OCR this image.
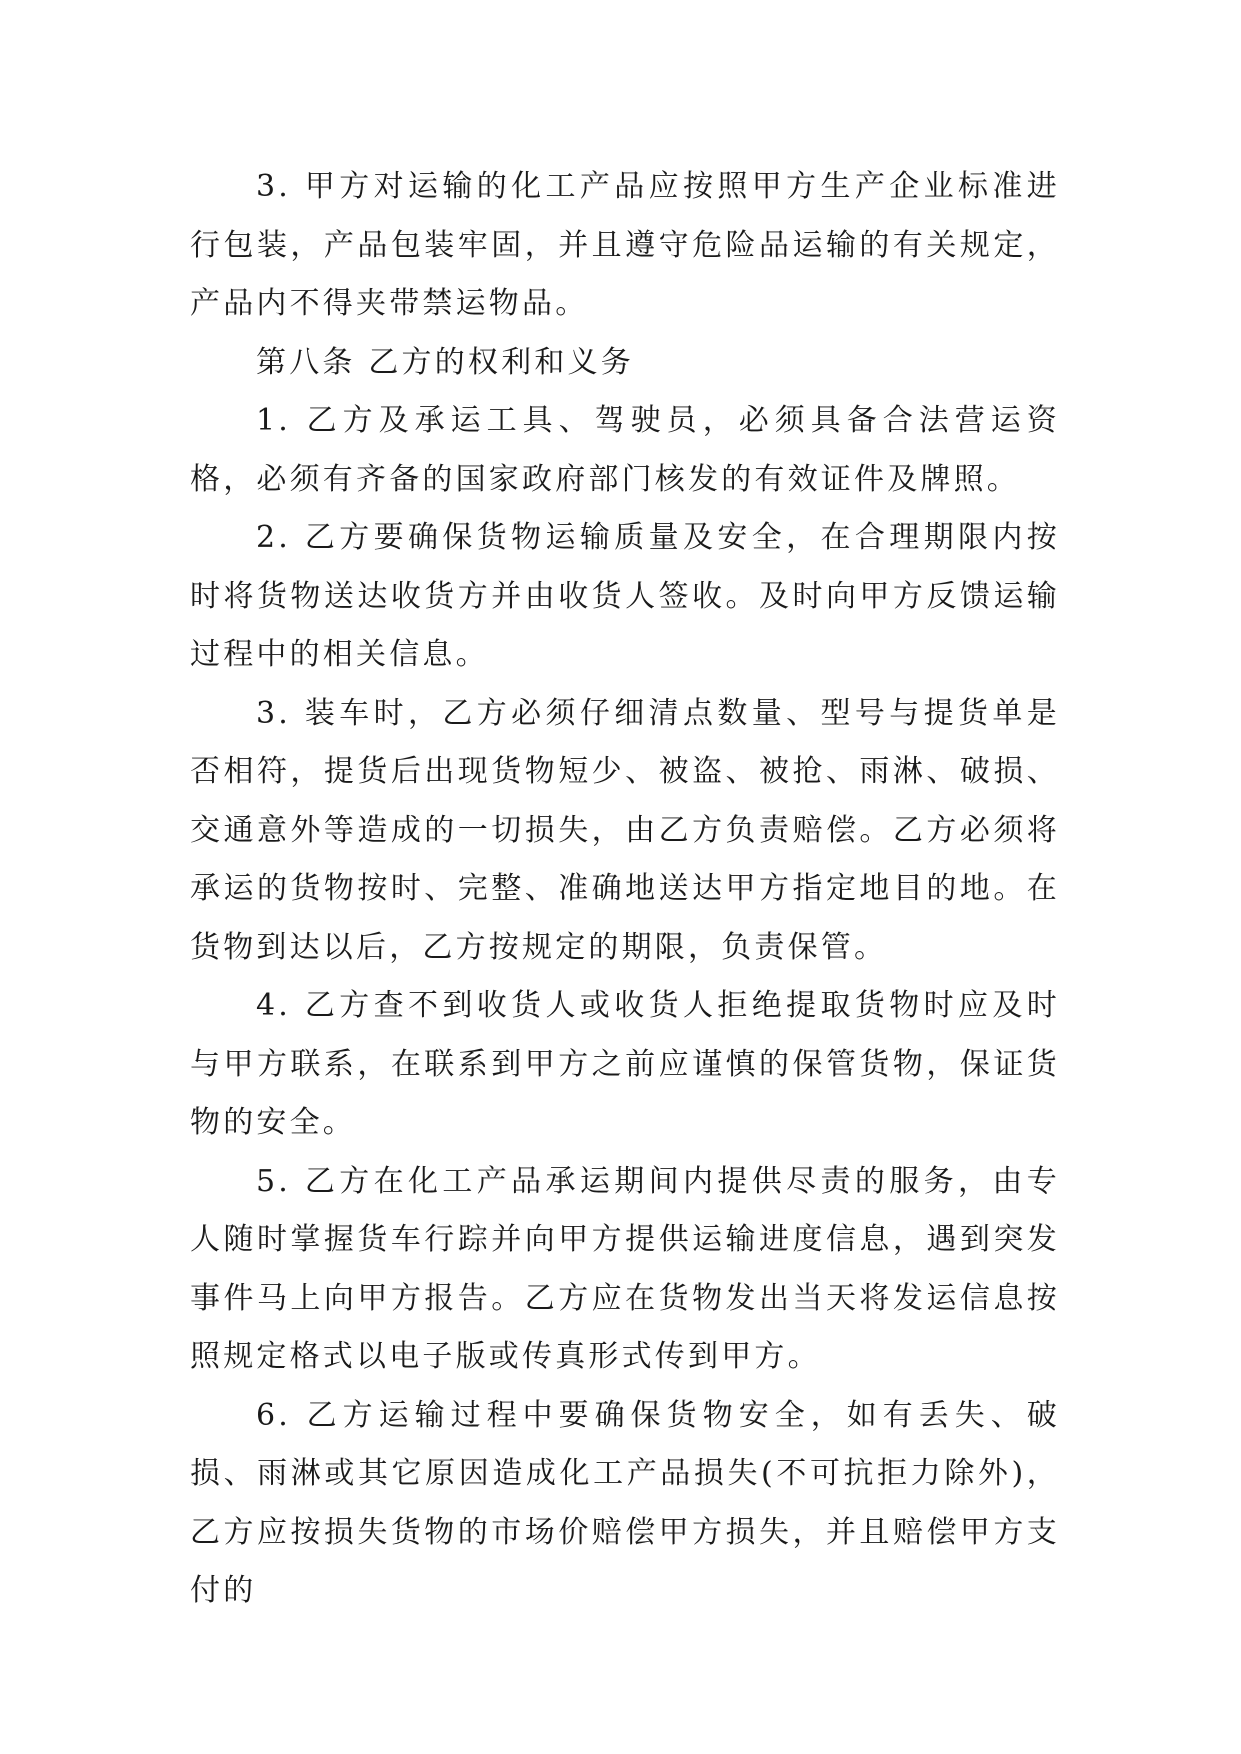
3. 甲方对运输的化工产品应按照甲方生产企业标准进行包装，产品包装牢固，并且遵守危险品运输的有关规定，产品内不得夹带禁运物品。

第八条 乙方的权利和义务

1. 乙方及承运工具、驾驶员，必须具备合法营运资格，必须有齐备的国家政府部门核发的有效证件及牌照。

2. 乙方要确保货物运输质量及安全，在合理期限内按时将货物送达收货方并由收货人签收。及时向甲方反馈运输过程中的相关信息。

3. 装车时，乙方必须仔细清点数量、型号与提货单是否相符，提货后出现货物短少、被盗、被抢、雨淋、破损、交通意外等造成的一切损失，由乙方负责赔偿。乙方必须将承运的货物按时、完整、准确地送达甲方指定地目的地。在货物到达以后，乙方按规定的期限，负责保管。

4. 乙方查不到收货人或收货人拒绝提取货物时应及时与甲方联系，在联系到甲方之前应谨慎的保管货物，保证货物的安全。

5. 乙方在化工产品承运期间内提供尽责的服务，由专人随时掌握货车行踪并向甲方提供运输进度信息，遇到突发事件马上向甲方报告。乙方应在货物发出当天将发运信息按照规定格式以电子版或传真形式传到甲方。

6. 乙方运输过程中要确保货物安全，如有丢失、破损、雨淋或其它原因造成化工产品损失(不可抗拒力除外)，乙方应按损失货物的市场价赔偿甲方损失，并且赔偿甲方支付的
